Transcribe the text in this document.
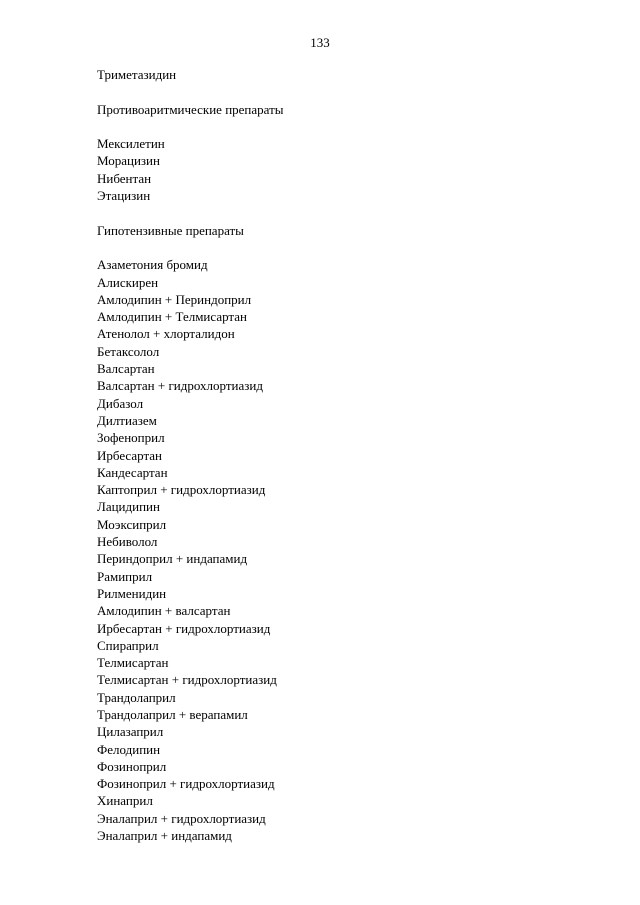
133
Триметазидин
Противоаритмические препараты
Мексилетин
Морацизин
Нибентан
Этацизин
Гипотензивные препараты
Азаметония бромид
Алискирен
Амлодипин + Периндоприл
Амлодипин + Телмисартан
Атенолол + хлорталидон
Бетаксолол
Валсартан
Валсартан + гидрохлортиазид
Дибазол
Дилтиазем
Зофеноприл
Ирбесартан
Кандесартан
Каптоприл + гидрохлортиазид
Лацидипин
Моэксиприл
Небиволол
Периндоприл + индапамид
Рамиприл
Рилменидин
Амлодипин + валсартан
Ирбесартан + гидрохлортиазид
Спираприл
Телмисартан
Телмисартан + гидрохлортиазид
Трандолаприл
Трандолаприл + верапамил
Цилазаприл
Фелодипин
Фозиноприл
Фозиноприл + гидрохлортиазид
Хинаприл
Эналаприл + гидрохлортиазид
Эналаприл + индапамид
